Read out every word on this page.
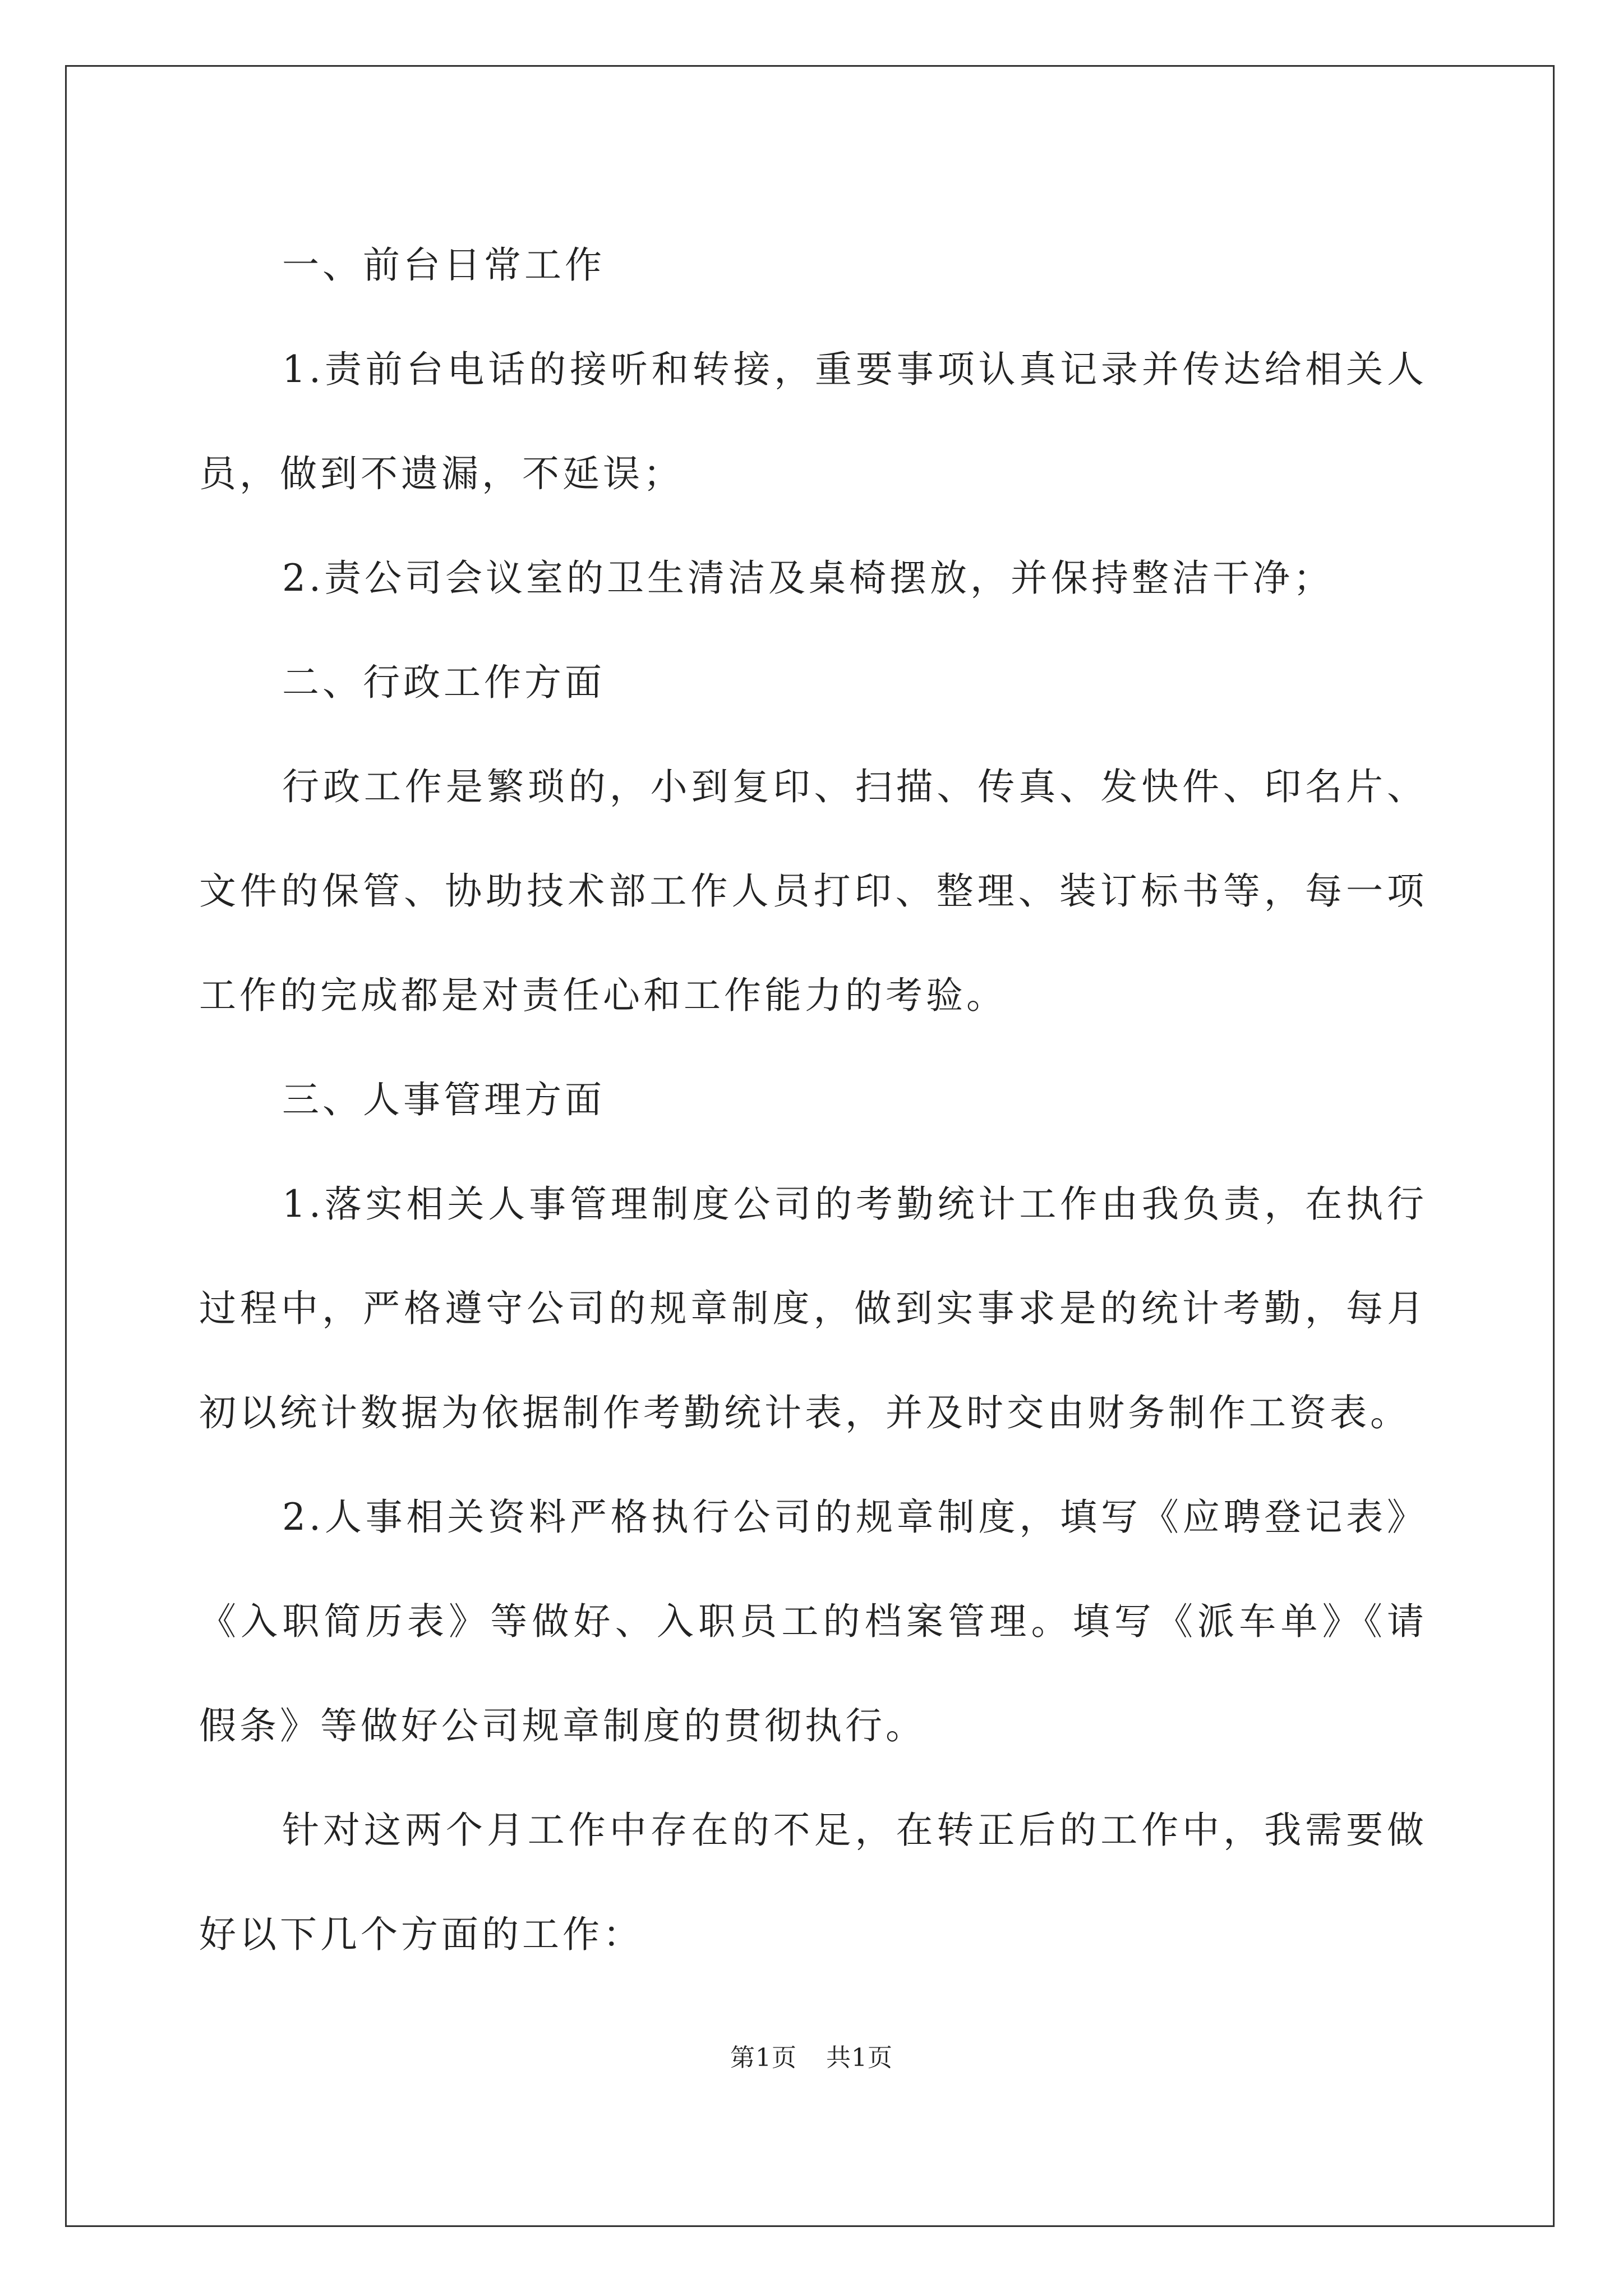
一、前台日常工作

1.责前台电话的接听和转接，重要事项认真记录并传达给相关人员，做到不遗漏，不延误；

2.责公司会议室的卫生清洁及桌椅摆放，并保持整洁干净；

二、行政工作方面

行政工作是繁琐的，小到复印、扫描、传真、发快件、印名片、文件的保管、协助技术部工作人员打印、整理、装订标书等，每一项工作的完成都是对责任心和工作能力的考验。

三、人事管理方面

1.落实相关人事管理制度公司的考勤统计工作由我负责，在执行过程中，严格遵守公司的规章制度，做到实事求是的统计考勤，每月初以统计数据为依据制作考勤统计表，并及时交由财务制作工资表。

2.人事相关资料严格执行公司的规章制度，填写《应聘登记表》《入职简历表》等做好、入职员工的档案管理。填写《派车单》《请假条》等做好公司规章制度的贯彻执行。

针对这两个月工作中存在的不足，在转正后的工作中，我需要做好以下几个方面的工作：

第1页 共1页
